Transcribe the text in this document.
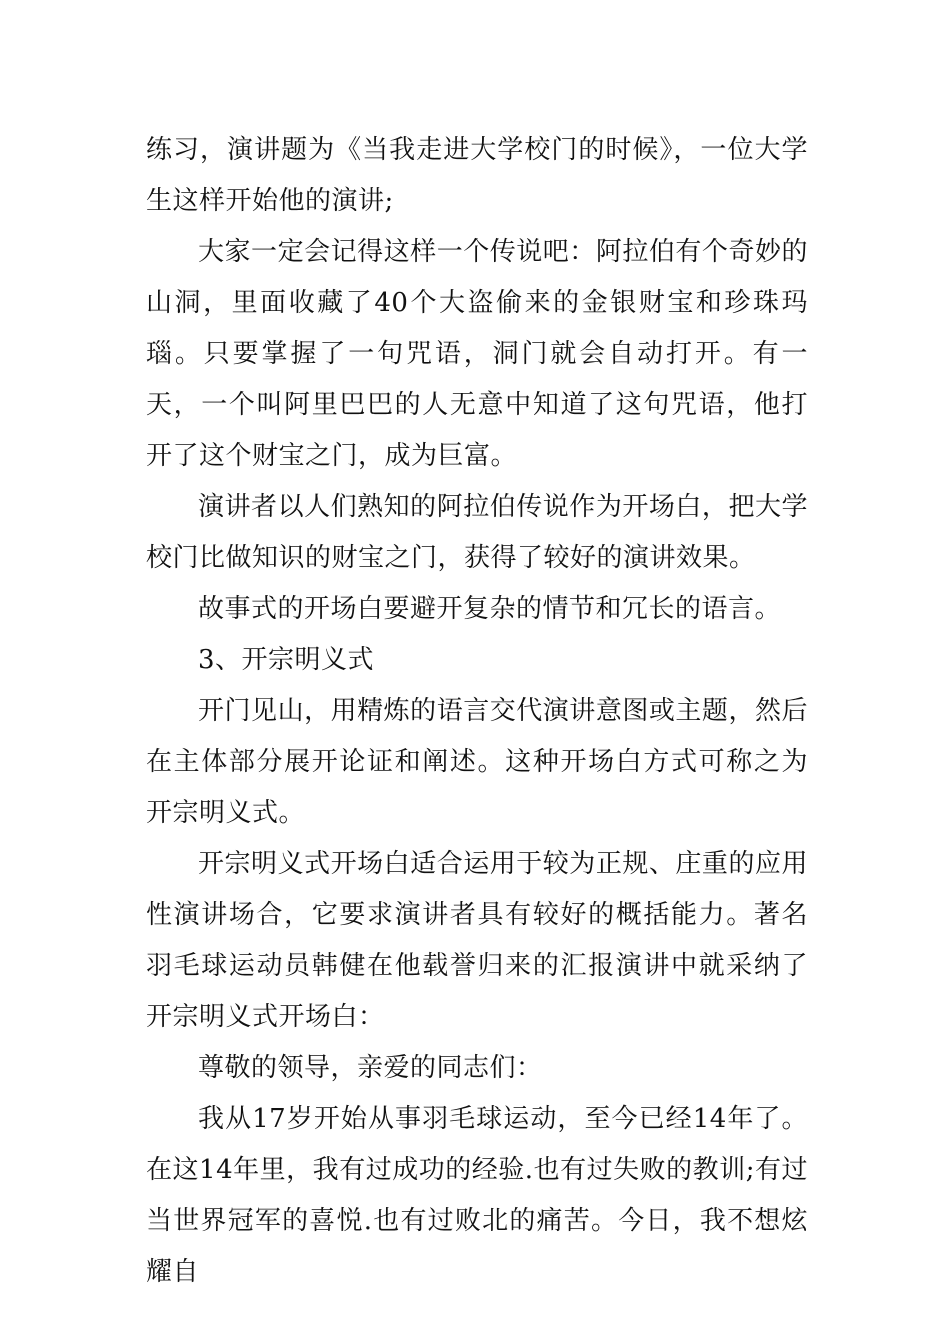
练习，演讲题为《当我走进大学校门的时候》，一位大学生这样开始他的演讲;

大家一定会记得这样一个传说吧：阿拉伯有个奇妙的山洞，里面收藏了40个大盗偷来的金银财宝和珍珠玛瑙。只要掌握了一句咒语，洞门就会自动打开。有一天，一个叫阿里巴巴的人无意中知道了这句咒语，他打开了这个财宝之门，成为巨富。

演讲者以人们熟知的阿拉伯传说作为开场白，把大学校门比做知识的财宝之门，获得了较好的演讲效果。

故事式的开场白要避开复杂的情节和冗长的语言。

3、开宗明义式

开门见山，用精炼的语言交代演讲意图或主题，然后在主体部分展开论证和阐述。这种开场白方式可称之为开宗明义式。

开宗明义式开场白适合运用于较为正规、庄重的应用性演讲场合，它要求演讲者具有较好的概括能力。著名羽毛球运动员韩健在他载誉归来的汇报演讲中就采纳了开宗明义式开场白：

尊敬的领导，亲爱的同志们：

我从17岁开始从事羽毛球运动，至今已经14年了。在这14年里，我有过成功的经验.也有过失败的教训;有过当世界冠军的喜悦.也有过败北的痛苦。今日，我不想炫耀自
